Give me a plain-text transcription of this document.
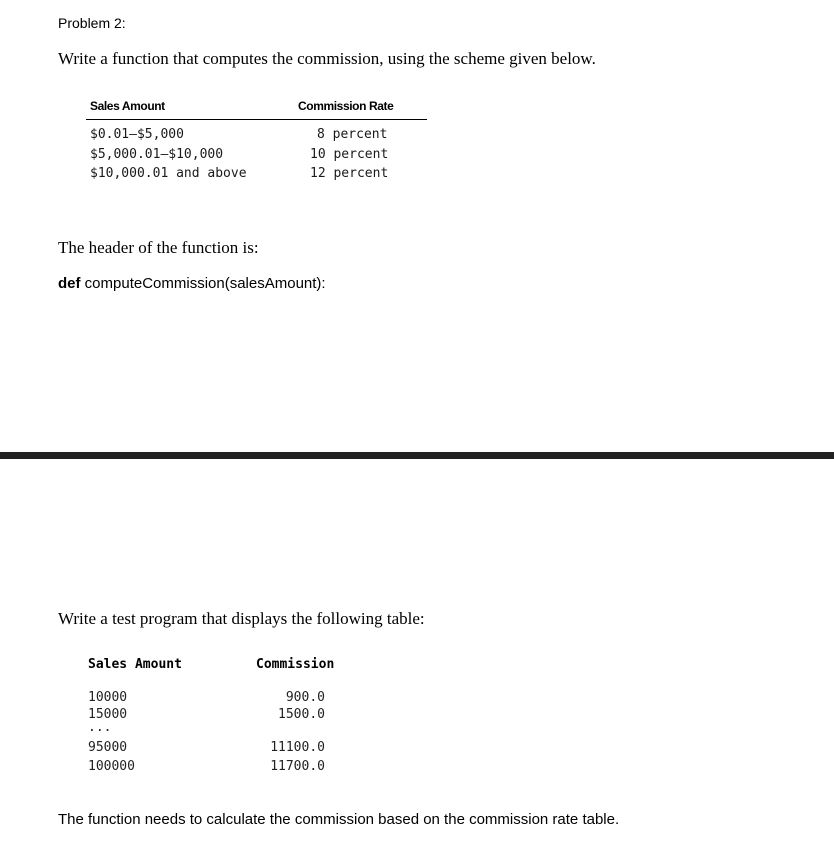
Problem 2:
Write a function that computes the commission, using the scheme given below.
Sales Amount	Commission Rate
$0.01–$5,000	8 percent
$5,000.01–$10,000	10 percent
$10,000.01 and above	12 percent
The header of the function is:
def computeCommission(salesAmount):
Write a test program that displays the following table:
Sales Amount	Commission
10000	900.0
15000	1500.0
...
95000	11100.0
100000	11700.0
The function needs to calculate the commission based on the commission rate table.
